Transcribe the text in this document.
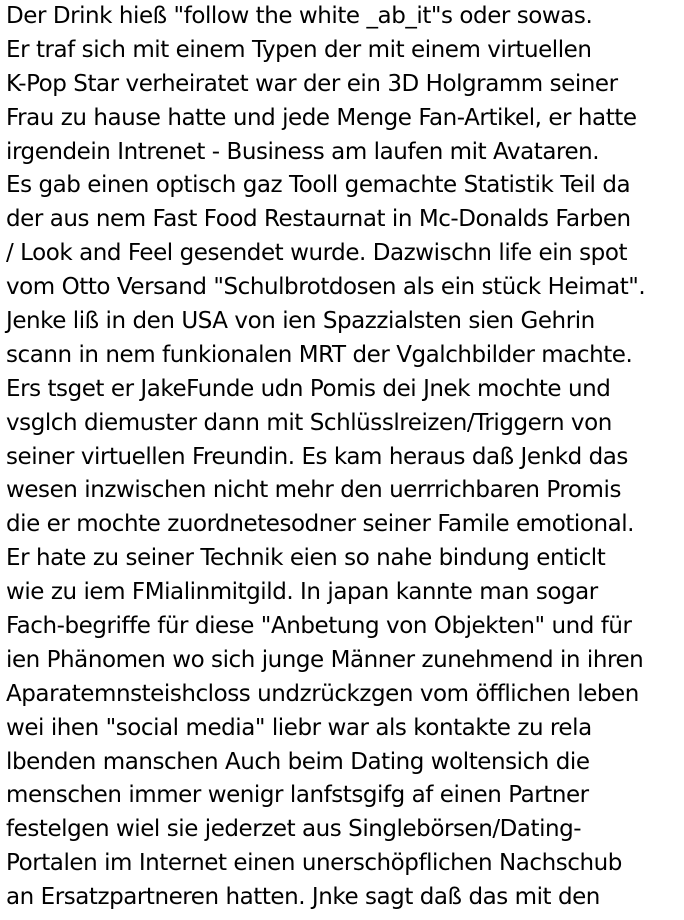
Der Drink hieß "follow the white _ab_it"s oder sowas.
Er traf sich mit einem Typen der mit einem virtuellen
K-Pop Star verheiratet war der ein 3D Holgramm seiner
Frau zu hause hatte und jede Menge Fan-Artikel, er hatte
irgendein Intrenet - Business am laufen mit Avataren.
Es gab einen optisch gaz Tooll gemachte Statistik Teil da
der aus nem Fast Food Restaurnat in Mc-Donalds Farben
/ Look and Feel gesendet wurde. Dazwischn life ein spot
vom Otto Versand "Schulbrotdosen als ein stück Heimat".
Jenke liß in den USA von ien Spazzialsten sien Gehrin
scann in nem funkionalen MRT der Vgalchbilder machte.
Ers tsget er JakeFunde udn Pomis dei Jnek mochte und
vsglch diemuster dann mit Schlüsslreizen/Triggern von
seiner virtuellen Freundin. Es kam heraus daß Jenkd das
wesen inzwischen nicht mehr den uerrrichbaren Promis
die er mochte zuordnetesodner seiner Famile emotional.
Er hate zu seiner Technik eien so nahe bindung enticlt
wie zu iem FMialinmitgild. In japan kannte man sogar
Fach-begriffe für diese "Anbetung von Objekten" und für
ien Phänomen wo sich junge Männer zunehmend in ihren
Aparatemnsteishcloss undzrückzgen vom öfflichen leben
wei ihen "social media" liebr war als kontakte zu rela
lbenden manschen Auch beim Dating woltensich die
menschen immer wenigr lanfstsgifg af einen Partner
festelgen wiel sie jederzet aus Singlebörsen/Dating-
Portalen im Internet einen unerschöpflichen Nachschub
an Ersatzpartneren hatten. Jnke sagt daß das mit den
